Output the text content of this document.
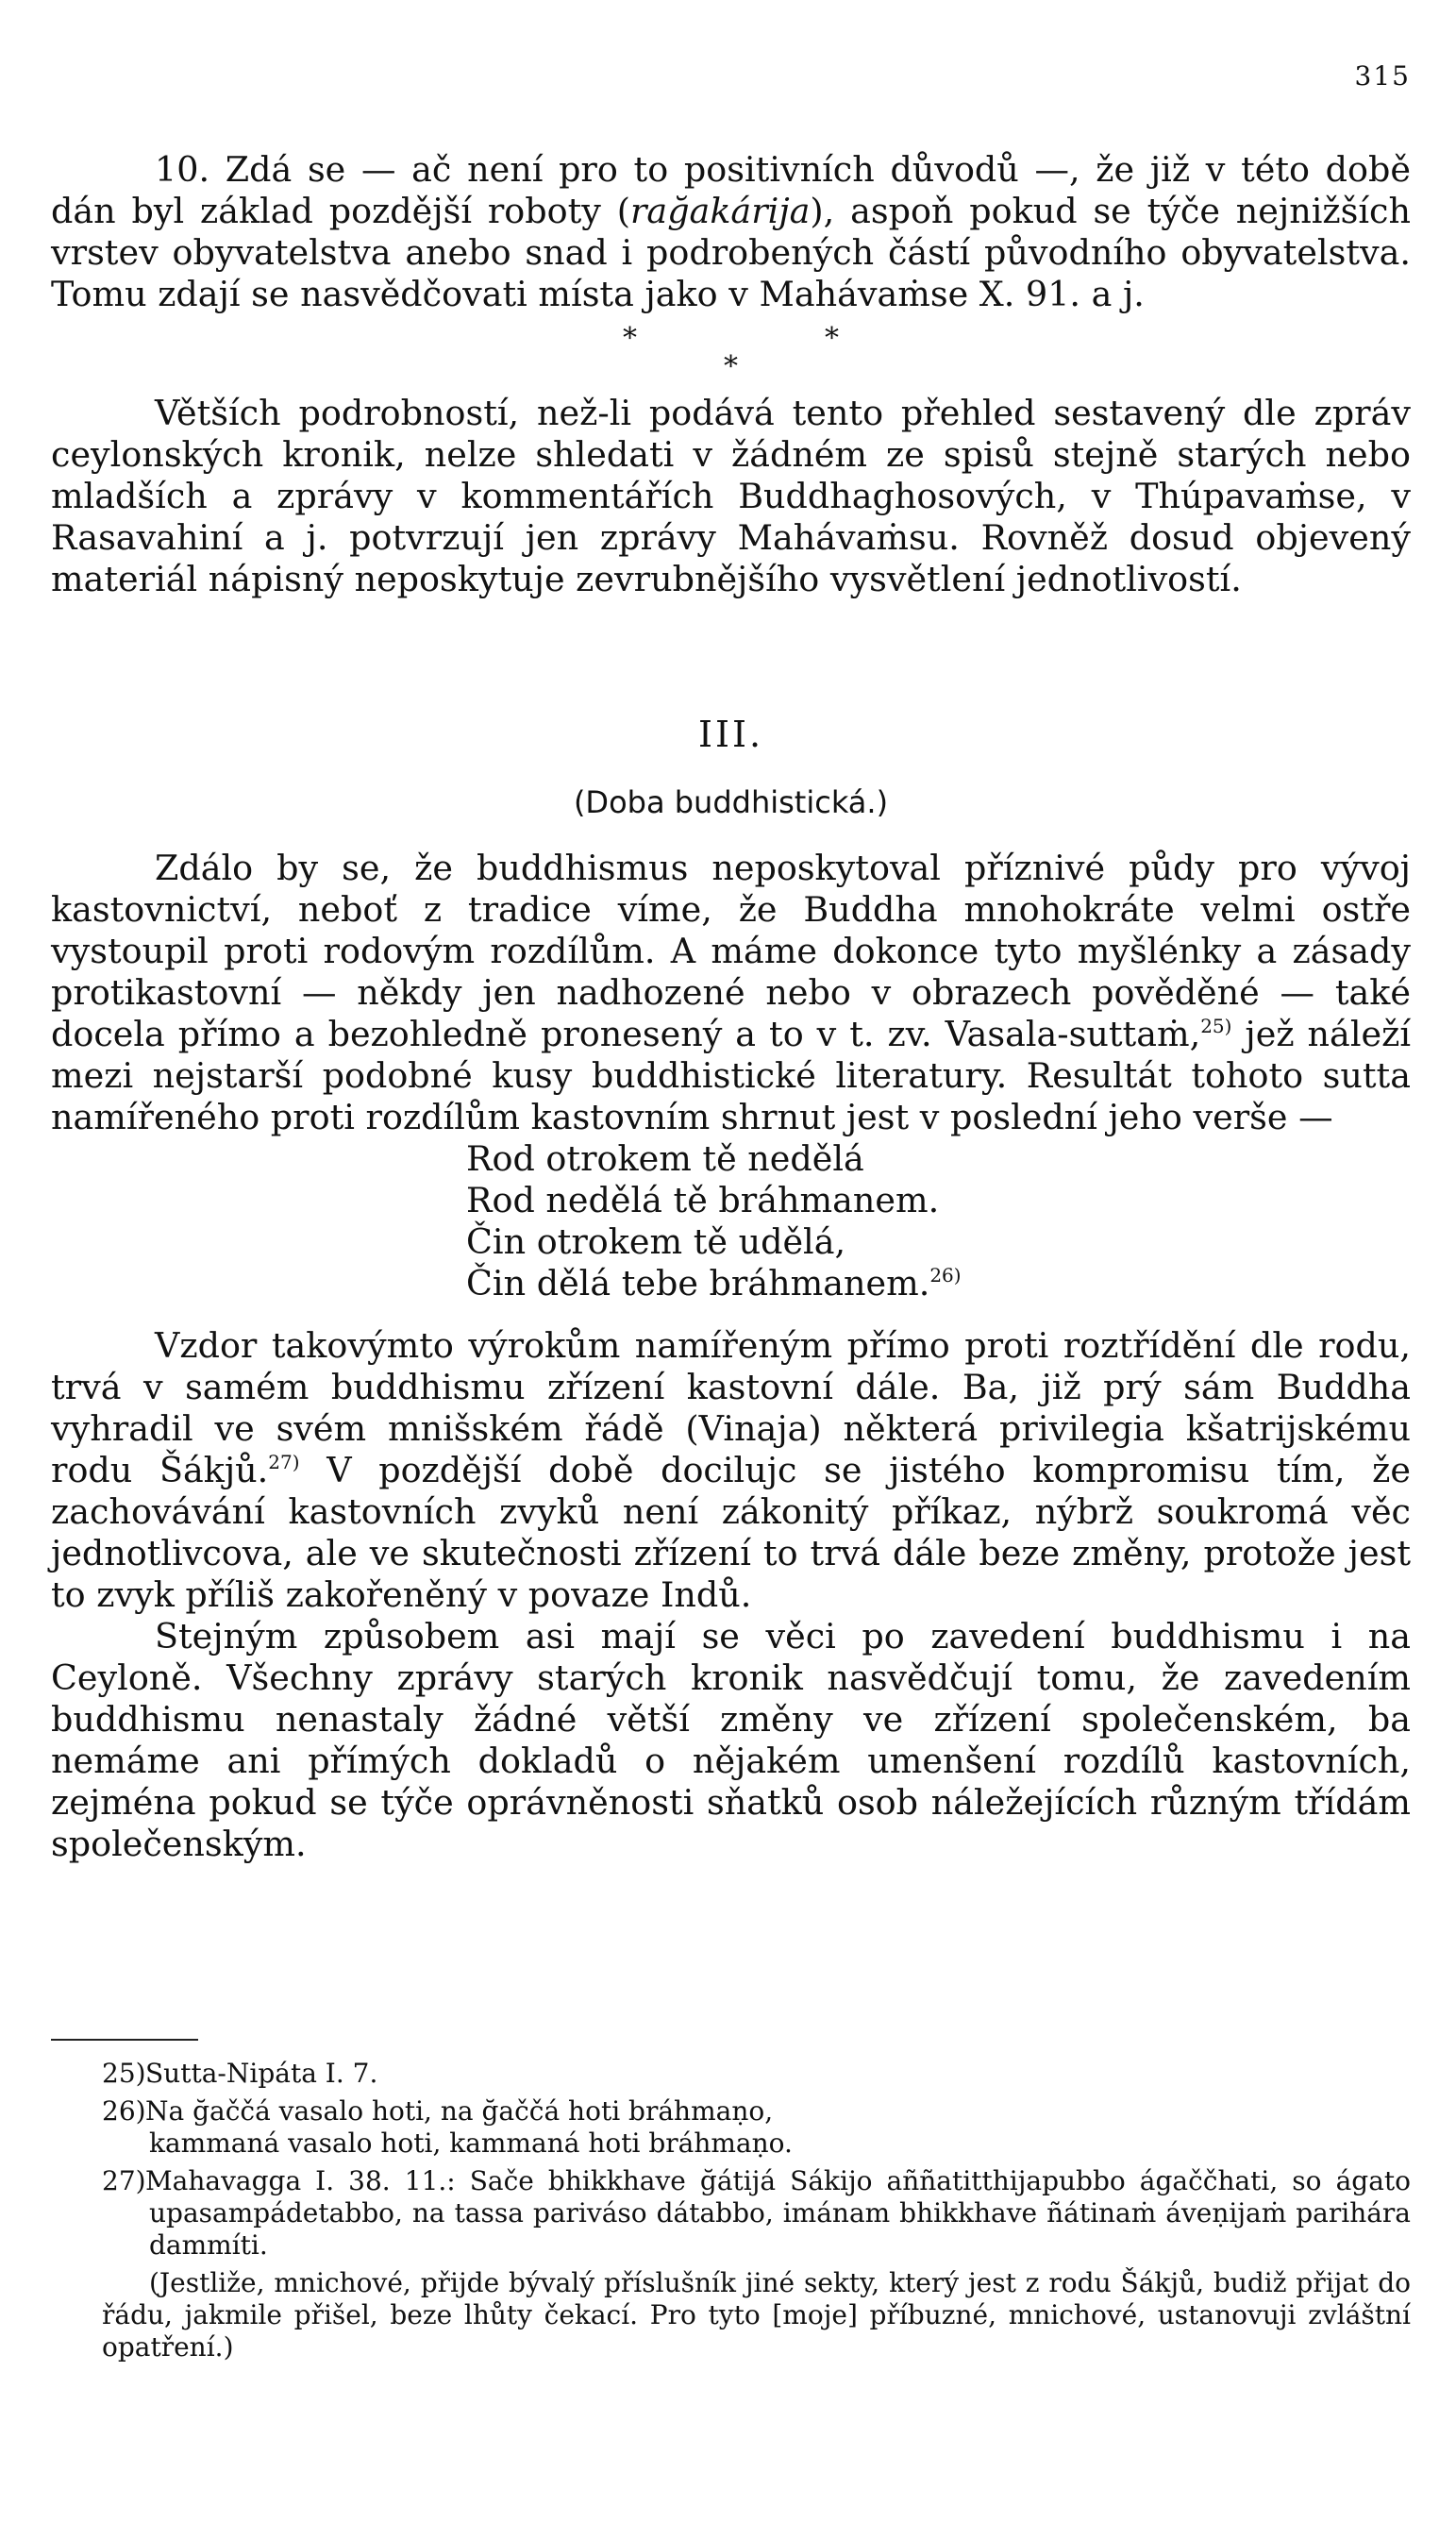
315

10. Zdá se — ač není pro to positivních důvodů —, že již v této době dán byl základ pozdější roboty (rağakárija), aspoň pokud se týče nejnižších vrstev obyvatelstva anebo snad i podrobených částí původního obyvatelstva. Tomu zdají se nasvědčovati místa jako v Mahávaṁse X. 91. a j.

*
*
*

Větších podrobností, než-li podává tento přehled sestavený dle zpráv ceylonských kronik, nelze shledati v žádném ze spisů stejně starých nebo mladších a zprávy v kommentářích Buddhaghosových, v Thúpavaṁse, v Rasavahiní a j. potvrzují jen zprávy Mahávaṁsu. Rovněž dosud objevený materiál nápisný neposkytuje zevrubnějšího vysvětlení jednotlivostí.

III.

(Doba buddhistická.)

Zdálo by se, že buddhismus neposkytoval příznivé půdy pro vývoj kastovnictví, neboť z tradice víme, že Buddha mnohokráte velmi ostře vystoupil proti rodovým rozdílům. A máme dokonce tyto myšlénky a zásady protikastovní — někdy jen nadhozené nebo v obrazech pověděné — také docela přímo a bezohledně pronesený a to v t. zv. Vasala-suttaṁ,$^{25)}$ jež náleží mezi nejstarší podobné kusy buddhistické literatury. Resultát tohoto sutta namířeného proti rozdílům kastovním shrnut jest v poslední jeho verše —

Rod otrokem tě nedělá
Rod nedělá tě bráhmanem.
Čin otrokem tě udělá,
Čin dělá tebe bráhmanem.$^{26)}$

Vzdor takovýmto výrokům namířeným přímo proti roztřídění dle rodu, trvá v samém buddhismu zřízení kastovní dále. Ba, již prý sám Buddha vyhradil ve svém mnišském řádě (Vinaja) některá privilegia kšatrijskému rodu Šákjů.$^{27)}$ V pozdější době docilujc se jistého kompromisu tím, že zachovávání kastovních zvyků není zákonitý příkaz, nýbrž soukromá věc jednotlivcova, ale ve skutečnosti zřízení to trvá dále beze změny, protože jest to zvyk příliš zakořeněný v povaze Indů.

Stejným způsobem asi mají se věci po zavedení buddhismu i na Ceyloně. Všechny zprávy starých kronik nasvědčují tomu, že zavedením buddhismu nenastaly žádné větší změny ve zřízení společenském, ba nemáme ani přímých dokladů o nějakém umenšení rozdílů kastovních, zejména pokud se týče oprávněnosti sňatků osob náležejících různým třídám společenským.

25)Sutta-Nipáta I. 7.
26)Na ğaččá vasalo hoti, na ğaččá hoti bráhmaṇo,
kammaná vasalo hoti, kammaná hoti bráhmaṇo.
27)Mahavagga I. 38. 11.: Sače bhikkhave ğátijá Sákijo aññatitthijapubbo ágaččhati, so ágato upasampádetabbo, na tassa pariváso dátabbo, imánam bhikkhave ñátinaṁ áveṇijaṁ parihára dammíti.
(Jestliže, mnichové, přijde bývalý příslušník jiné sekty, který jest z rodu Šákjů, budiž přijat do řádu, jakmile přišel, beze lhůty čekací. Pro tyto [moje] příbuzné, mnichové, ustanovuji zvláštní opatření.)
